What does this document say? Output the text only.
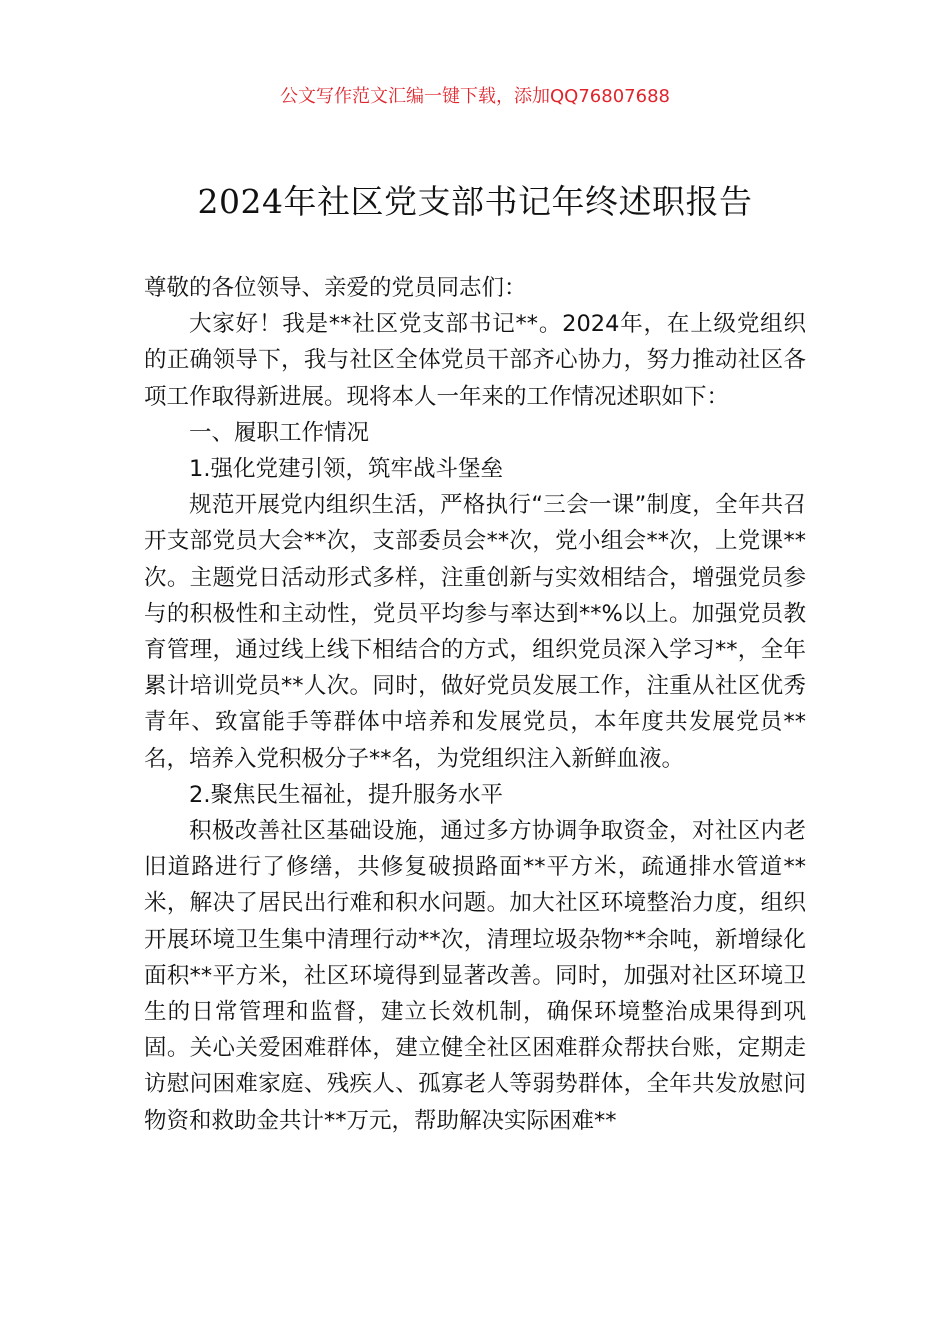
公文写作范文汇编一键下载，添加QQ76807688
2024年社区党支部书记年终述职报告

尊敬的各位领导、亲爱的党员同志们：

大家好！我是**社区党支部书记**。2024年，在上级党组织的正确领导下，我与社区全体党员干部齐心协力，努力推动社区各项工作取得新进展。现将本人一年来的工作情况述职如下：

一、履职工作情况

1.强化党建引领，筑牢战斗堡垒

规范开展党内组织生活，严格执行“三会一课”制度，全年共召开支部党员大会**次，支部委员会**次，党小组会**次，上党课**次。主题党日活动形式多样，注重创新与实效相结合，增强党员参与的积极性和主动性，党员平均参与率达到**%以上。加强党员教育管理，通过线上线下相结合的方式，组织党员深入学习**，全年累计培训党员**人次。同时，做好党员发展工作，注重从社区优秀青年、致富能手等群体中培养和发展党员，本年度共发展党员**名，培养入党积极分子**名，为党组织注入新鲜血液。

2.聚焦民生福祉，提升服务水平

积极改善社区基础设施，通过多方协调争取资金，对社区内老旧道路进行了修缮，共修复破损路面**平方米，疏通排水管道**米，解决了居民出行难和积水问题。加大社区环境整治力度，组织开展环境卫生集中清理行动**次，清理垃圾杂物**余吨，新增绿化面积**平方米，社区环境得到显著改善。同时，加强对社区环境卫生的日常管理和监督，建立长效机制，确保环境整治成果得到巩固。关心关爱困难群体，建立健全社区困难群众帮扶台账，定期走访慰问困难家庭、残疾人、孤寡老人等弱势群体，全年共发放慰问物资和救助金共计**万元，帮助解决实际困难**
